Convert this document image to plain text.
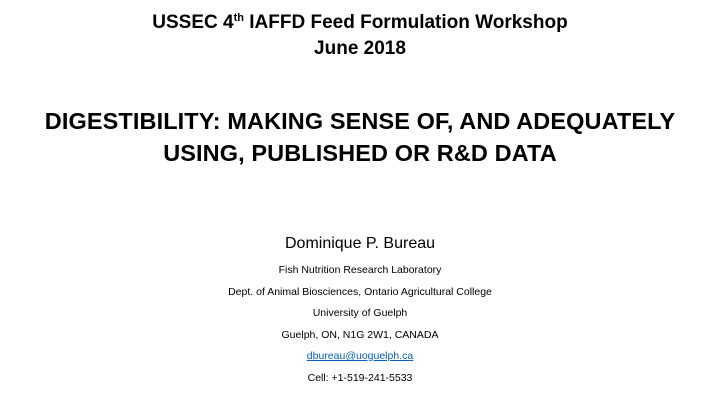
USSEC 4th IAFFD Feed Formulation Workshop
June 2018
DIGESTIBILITY: MAKING SENSE OF, AND ADEQUATELY USING, PUBLISHED OR R&D DATA
Dominique P. Bureau
Fish Nutrition Research Laboratory
Dept. of Animal Biosciences, Ontario Agricultural College
University of Guelph
Guelph, ON, N1G 2W1, CANADA
dbureau@uoguelph.ca
Cell: +1-519-241-5533
